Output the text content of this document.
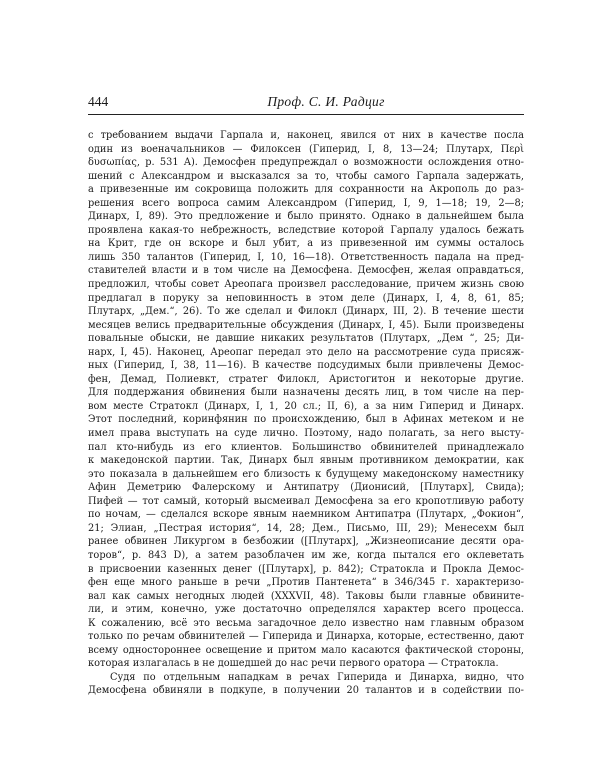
444	Проф. С. И. Радциг
с требованием выдачи Гарпала и, наконец, явился от них в качестве посла
один из военачальников — Филоксен (Гиперид, I, 8, 13—24; Плутарх, Περὶ
δυσωπίας, p. 531 A). Демосфен предупреждал о возможности ослождения отно-
шений с Александром и высказался за то, чтобы самого Гарпала задержать,
а привезенные им сокровища положить для сохранности на Акрополь до раз-
решения всего вопроса самим Александром (Гиперид, I, 9, 1—18; 19, 2—8;
Динарх, I, 89). Это предложение и было принято. Однако в дальнейшем была
проявлена какая-то небрежность, вследствие которой Гарпалу удалось бежать
на Крит, где он вскоре и был убит, а из привезенной им суммы осталось
лишь 350 талантов (Гиперид, I, 10, 16—18). Ответственность падала на пред-
ставителей власти и в том числе на Демосфена. Демосфен, желая оправдаться,
предложил, чтобы совет Ареопага произвел расследование, причем жизнь свою
предлагал в поруку за неповинность в этом деле (Динарх, I, 4, 8, 61, 85;
Плутарх, „Дем.“, 26). То же сделал и Филокл (Динарх, III, 2). В течение шести
месяцев велись предварительные обсуждения (Динарх, I, 45). Были произведены
повальные обыски, не давшие никаких результатов (Плутарх, „Дем “, 25; Ди-
нарх, I, 45). Наконец, Ареопаг передал это дело на рассмотрение суда присяж-
ных (Гиперид, I, 38, 11—16). В качестве подсудимых были привлечены Демос-
фен, Демад, Полиевкт, стратег Филокл, Аристогитон и некоторые другие.
Для поддержания обвинения были назначены десять лиц, в том числе на пер-
вом месте Стратокл (Динарх, I, 1, 20 сл.; II, 6), а за ним Гиперид и Динарх.
Этот последний, коринфянин по происхождению, был в Афинах метеком и не
имел права выступать на суде лично. Поэтому, надо полагать, за него высту-
пал кто-нибудь из его клиентов. Большинство обвинителей принадлежало
к македонской партии. Так, Динарх был явным противником демократии, как
это показала в дальнейшем его близость к будущему македонскому наместнику
Афин Деметрию Фалерскому и Антипатру (Дионисий, [Плутарх], Свида);
Пифей — тот самый, который высмеивал Демосфена за его кропотливую работу
по ночам, — сделался вскоре явным наемником Антипатра (Плутарх, „Фокион“,
21; Элиан, „Пестрая история“, 14, 28; Дем., Письмо, III, 29); Менесехм был
ранее обвинен Ликургом в безбожии ([Плутарх], „Жизнеописание десяти ора-
торов“, p. 843 D), а затем разоблачен им же, когда пытался его оклеветать
в присвоении казенных денег ([Плутарх], p. 842); Стратокла и Прокла Демос-
фен еще много раньше в речи „Против Пантенета“ в 346/345 г. характеризо-
вал как самых негодных людей (XXXVII, 48). Таковы были главные обвините-
ли, и этим, конечно, уже достаточно определялся характер всего процесса.
К сожалению, всё это весьма загадочное дело известно нам главным образом
только по речам обвинителей — Гиперида и Динарха, которые, естественно, дают
всему одностороннее освещение и притом мало касаются фактической стороны,
которая излагалась в не дошедшей до нас речи первого оратора — Стратокла.
Судя по отдельным нападкам в речах Гиперида и Динарха, видно, что
Демосфена обвиняли в подкупе, в получении 20 талантов и в содействии по-
